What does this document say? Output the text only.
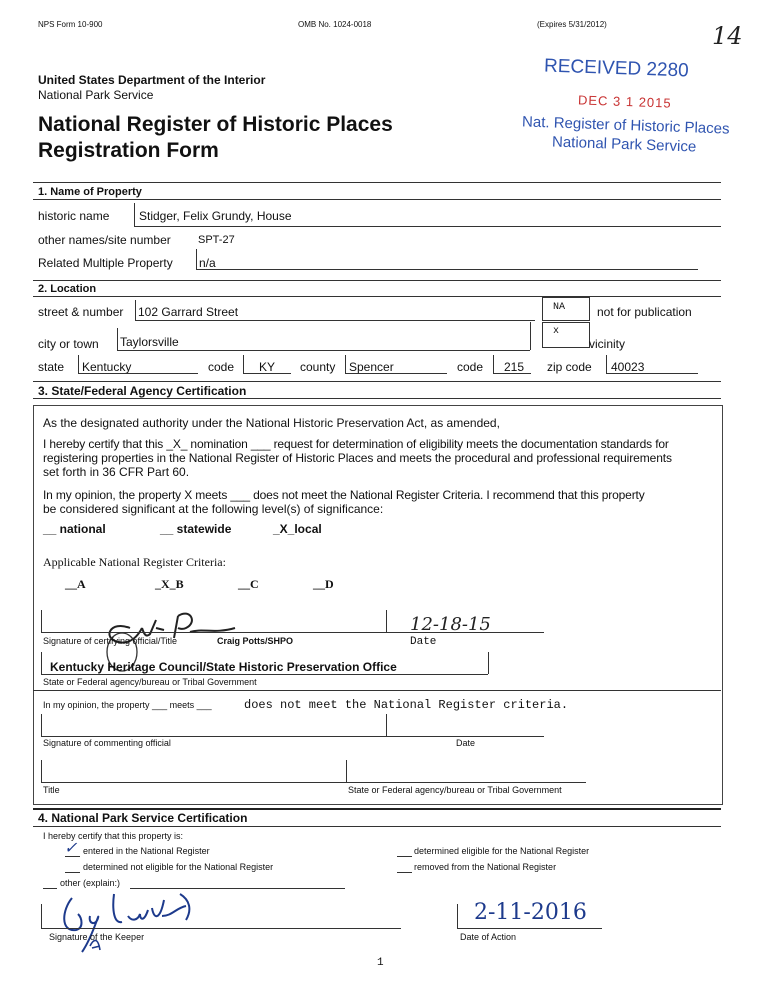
NPS Form 10-900	OMB No. 1024-0018	(Expires 5/31/2012)	14
United States Department of the Interior
National Park Service
National Register of Historic Places
Registration Form
RECEIVED 2280
DEC 3 1 2015
Nat. Register of Historic Places
National Park Service
1. Name of Property
historic name Stidger, Felix Grundy, House
other names/site number SPT-27
Related Multiple Property n/a
2. Location
street & number 102 Garrard Street	NA	not for publication
city or town Taylorsville
x
vicinity
state Kentucky	code KY county Spencer	code 215 zip code 40023
3. State/Federal Agency Certification
As the designated authority under the National Historic Preservation Act, as amended,
I hereby certify that this _X_ nomination ___ request for determination of eligibility meets the documentation standards for
registering properties in the National Register of Historic Places and meets the procedural and professional requirements
set forth in 36 CFR Part 60.
In my opinion, the property X meets ___ does not meet the National Register Criteria. I recommend that this property
be considered significant at the following level(s) of significance:
__ national	__ statewide	_X_local
Applicable National Register Criteria:
__A	_X_B	__C	__D
12-18-15
Signature of certifying official/Title	Craig Potts/SHPO	Date
Kentucky Heritage Council/State Historic Preservation Office
State or Federal agency/bureau or Tribal Government
In my opinion, the property ___ meets ___	does not meet the National Register criteria.
Signature of commenting official	Date
Title	State or Federal agency/bureau or Tribal Government
4. National Park Service Certification
I hereby certify that this property is:
✓ entered in the National Register
determined not eligible for the National Register
other (explain:)
determined eligible for the National Register
removed from the National Register
2-11-2016
Signature of the Keeper	Date of Action
1
